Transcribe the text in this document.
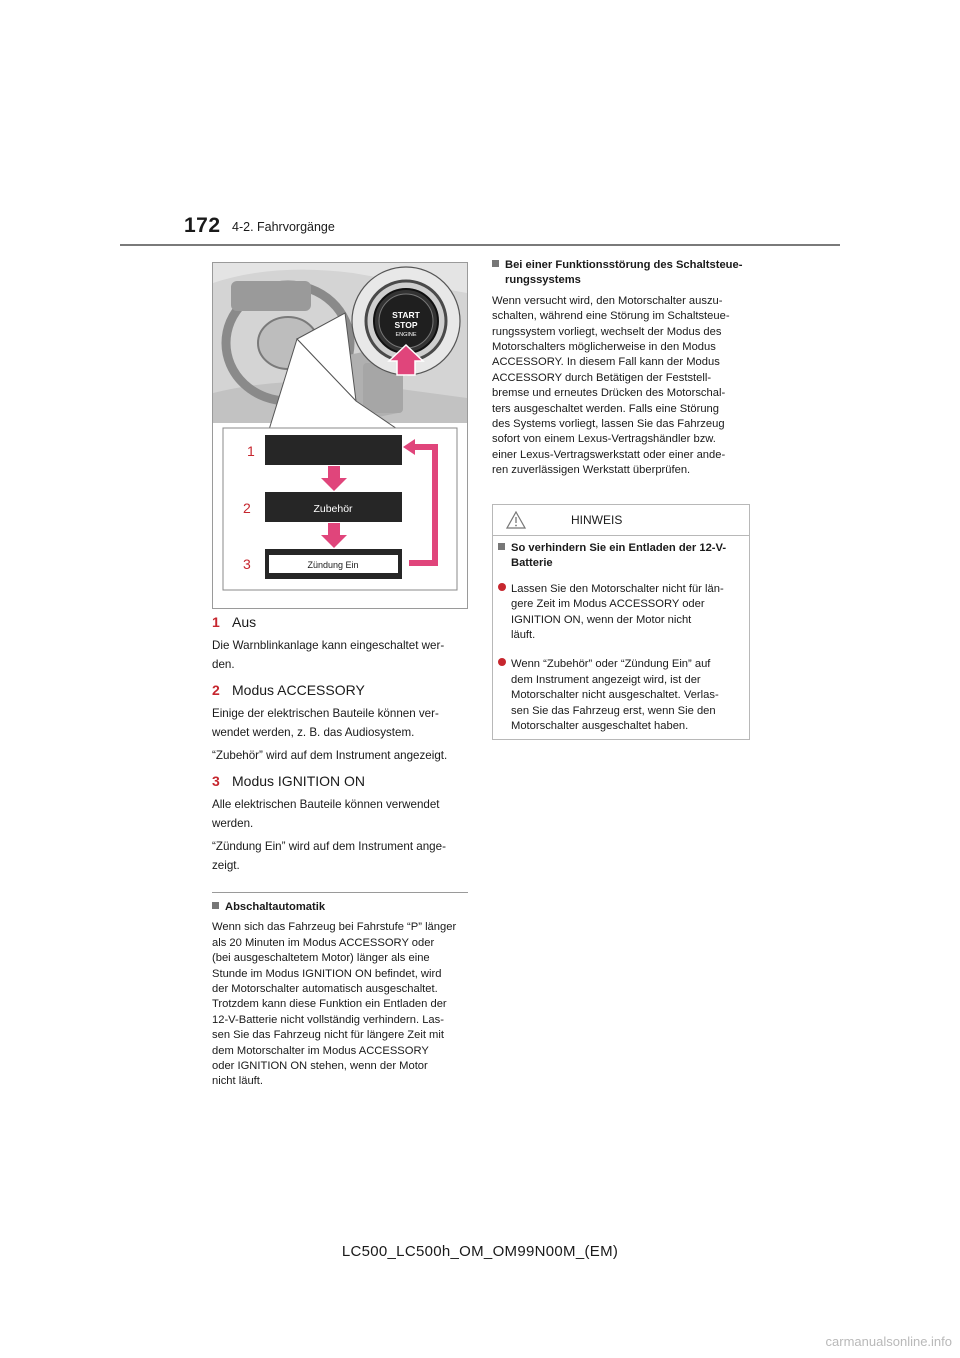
172 4-2. Fahrvorgänge
START
STOP
ENGINE
1
2
3
Zubehör
Zündung Ein
1 Aus
Die Warnblinkanlage kann eingeschaltet wer-
den.
2 Modus ACCESSORY
Einige der elektrischen Bauteile können ver-
wendet werden, z. B. das Audiosystem.
“Zubehör” wird auf dem Instrument angezeigt.
3 Modus IGNITION ON
Alle elektrischen Bauteile können verwendet
werden.
“Zündung Ein” wird auf dem Instrument ange-
zeigt.
Abschaltautomatik
Wenn sich das Fahrzeug bei Fahrstufe “P” länger
als 20 Minuten im Modus ACCESSORY oder
(bei ausgeschaltetem Motor) länger als eine
Stunde im Modus IGNITION ON befindet, wird
der Motorschalter automatisch ausgeschaltet.
Trotzdem kann diese Funktion ein Entladen der
12-V-Batterie nicht vollständig verhindern. Las-
sen Sie das Fahrzeug nicht für längere Zeit mit
dem Motorschalter im Modus ACCESSORY
oder IGNITION ON stehen, wenn der Motor
nicht läuft.
Bei einer Funktionsstörung des Schaltsteue-
rungssystems
Wenn versucht wird, den Motorschalter auszu-
schalten, während eine Störung im Schaltsteue-
rungssystem vorliegt, wechselt der Modus des
Motorschalters möglicherweise in den Modus
ACCESSORY. In diesem Fall kann der Modus
ACCESSORY durch Betätigen der Feststell-
bremse und erneutes Drücken des Motorschal-
ters ausgeschaltet werden. Falls eine Störung
des Systems vorliegt, lassen Sie das Fahrzeug
sofort von einem Lexus-Vertragshändler bzw.
einer Lexus-Vertragswerkstatt oder einer ande-
ren zuverlässigen Werkstatt überprüfen.
HINWEIS
So verhindern Sie ein Entladen der 12-V-
Batterie
Lassen Sie den Motorschalter nicht für län-
gere Zeit im Modus ACCESSORY oder
IGNITION ON, wenn der Motor nicht
läuft.
Wenn “Zubehör” oder “Zündung Ein” auf
dem Instrument angezeigt wird, ist der
Motorschalter nicht ausgeschaltet. Verlas-
sen Sie das Fahrzeug erst, wenn Sie den
Motorschalter ausgeschaltet haben.
LC500_LC500h_OM_OM99N00M_(EM)
carmanualsonline.info
